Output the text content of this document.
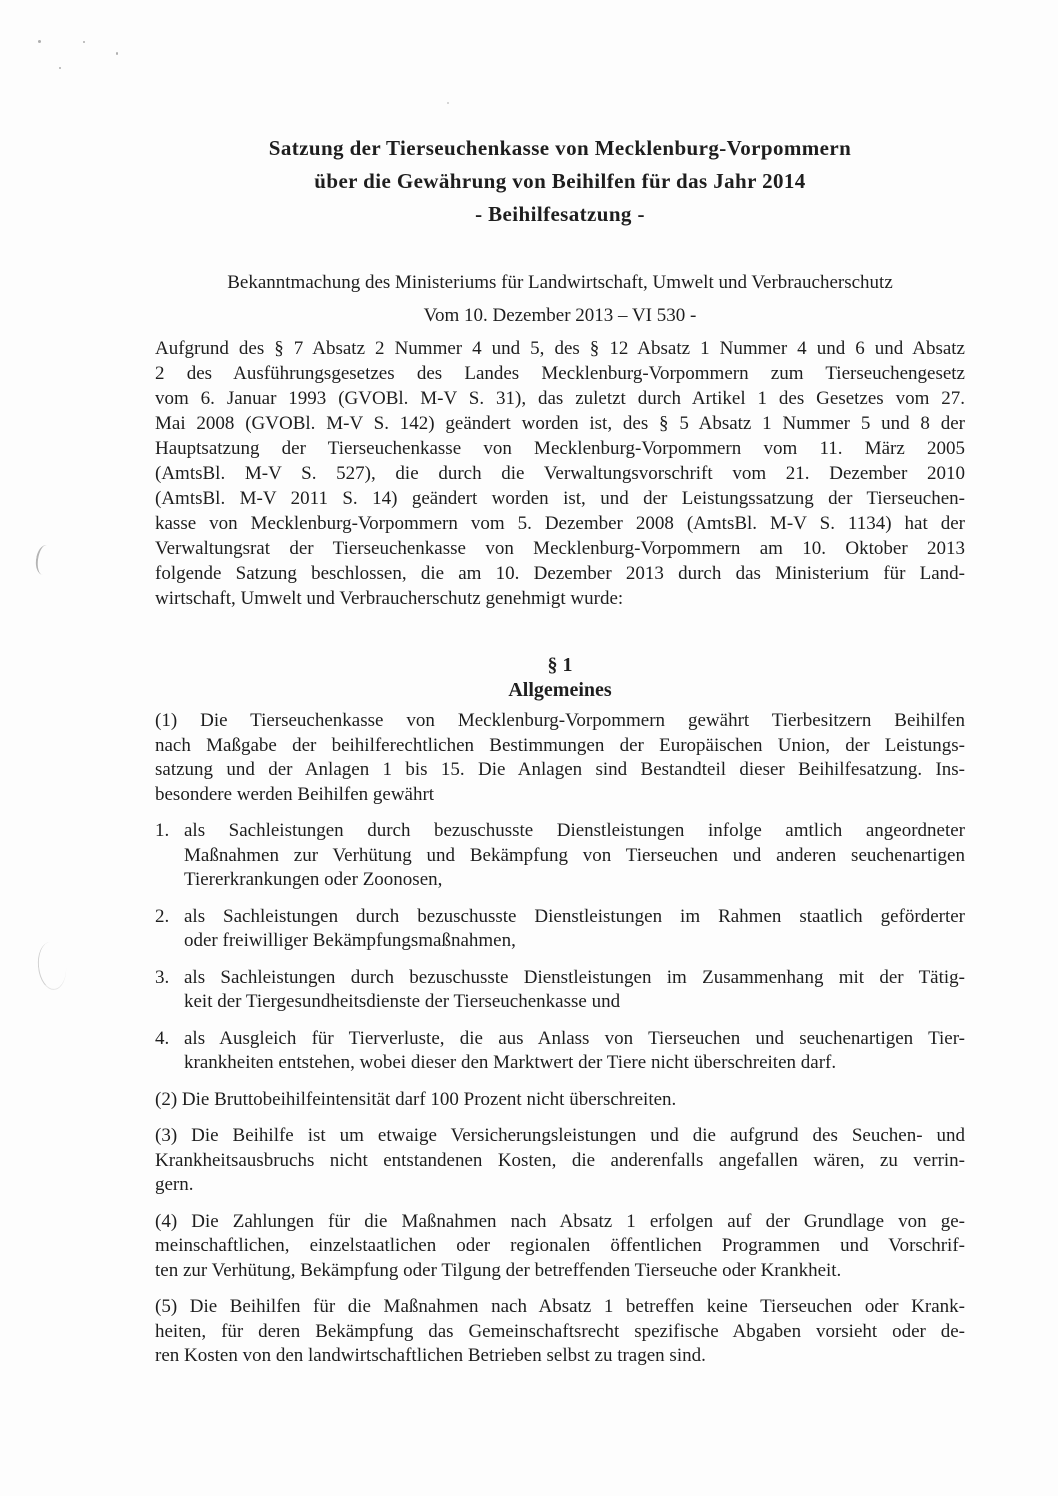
Satzung der Tierseuchenkasse von Mecklenburg-Vorpommern
über die Gewährung von Beihilfen für das Jahr 2014
- Beihilfesatzung -
Bekanntmachung des Ministeriums für Landwirtschaft, Umwelt und Verbraucherschutz
Vom 10. Dezember 2013 – VI 530 -
Aufgrund des § 7 Absatz 2 Nummer 4 und 5, des § 12 Absatz 1 Nummer 4 und 6 und Absatz
2 des Ausführungsgesetzes des Landes Mecklenburg-Vorpommern zum Tierseuchengesetz
vom 6. Januar 1993 (GVOBl. M-V S. 31), das zuletzt durch Artikel 1 des Gesetzes vom 27.
Mai 2008 (GVOBl. M-V S. 142) geändert worden ist, des § 5 Absatz 1 Nummer 5 und 8 der
Hauptsatzung der Tierseuchenkasse von Mecklenburg-Vorpommern vom 11. März 2005
(AmtsBl. M-V S. 527), die durch die Verwaltungsvorschrift vom 21. Dezember 2010
(AmtsBl. M-V 2011 S. 14) geändert worden ist, und der Leistungssatzung der Tierseuchen-
kasse von Mecklenburg-Vorpommern vom 5. Dezember 2008 (AmtsBl. M-V S. 1134) hat der
Verwaltungsrat der Tierseuchenkasse von Mecklenburg-Vorpommern am 10. Oktober 2013
folgende Satzung beschlossen, die am 10. Dezember 2013 durch das Ministerium für Land-
wirtschaft, Umwelt und Verbraucherschutz genehmigt wurde:
§ 1
Allgemeines
(1) Die Tierseuchenkasse von Mecklenburg-Vorpommern gewährt Tierbesitzern Beihilfen
nach Maßgabe der beihilferechtlichen Bestimmungen der Europäischen Union, der Leistungs-
satzung und der Anlagen 1 bis 15. Die Anlagen sind Bestandteil dieser Beihilfesatzung. Ins-
besondere werden Beihilfen gewährt
1. als Sachleistungen durch bezuschusste Dienstleistungen infolge amtlich angeordneter
Maßnahmen zur Verhütung und Bekämpfung von Tierseuchen und anderen seuchenartigen
Tiererkrankungen oder Zoonosen,
2. als Sachleistungen durch bezuschusste Dienstleistungen im Rahmen staatlich geförderter
oder freiwilliger Bekämpfungsmaßnahmen,
3. als Sachleistungen durch bezuschusste Dienstleistungen im Zusammenhang mit der Tätig-
keit der Tiergesundheitsdienste der Tierseuchenkasse und
4. als Ausgleich für Tierverluste, die aus Anlass von Tierseuchen und seuchenartigen Tier-
krankheiten entstehen, wobei dieser den Marktwert der Tiere nicht überschreiten darf.
(2) Die Bruttobeihilfeintensität darf 100 Prozent nicht überschreiten.
(3) Die Beihilfe ist um etwaige Versicherungsleistungen und die aufgrund des Seuchen- und
Krankheitsausbruchs nicht entstandenen Kosten, die anderenfalls angefallen wären, zu verrin-
gern.
(4) Die Zahlungen für die Maßnahmen nach Absatz 1 erfolgen auf der Grundlage von ge-
meinschaftlichen, einzelstaatlichen oder regionalen öffentlichen Programmen und Vorschrif-
ten zur Verhütung, Bekämpfung oder Tilgung der betreffenden Tierseuche oder Krankheit.
(5) Die Beihilfen für die Maßnahmen nach Absatz 1 betreffen keine Tierseuchen oder Krank-
heiten, für deren Bekämpfung das Gemeinschaftsrecht spezifische Abgaben vorsieht oder de-
ren Kosten von den landwirtschaftlichen Betrieben selbst zu tragen sind.
